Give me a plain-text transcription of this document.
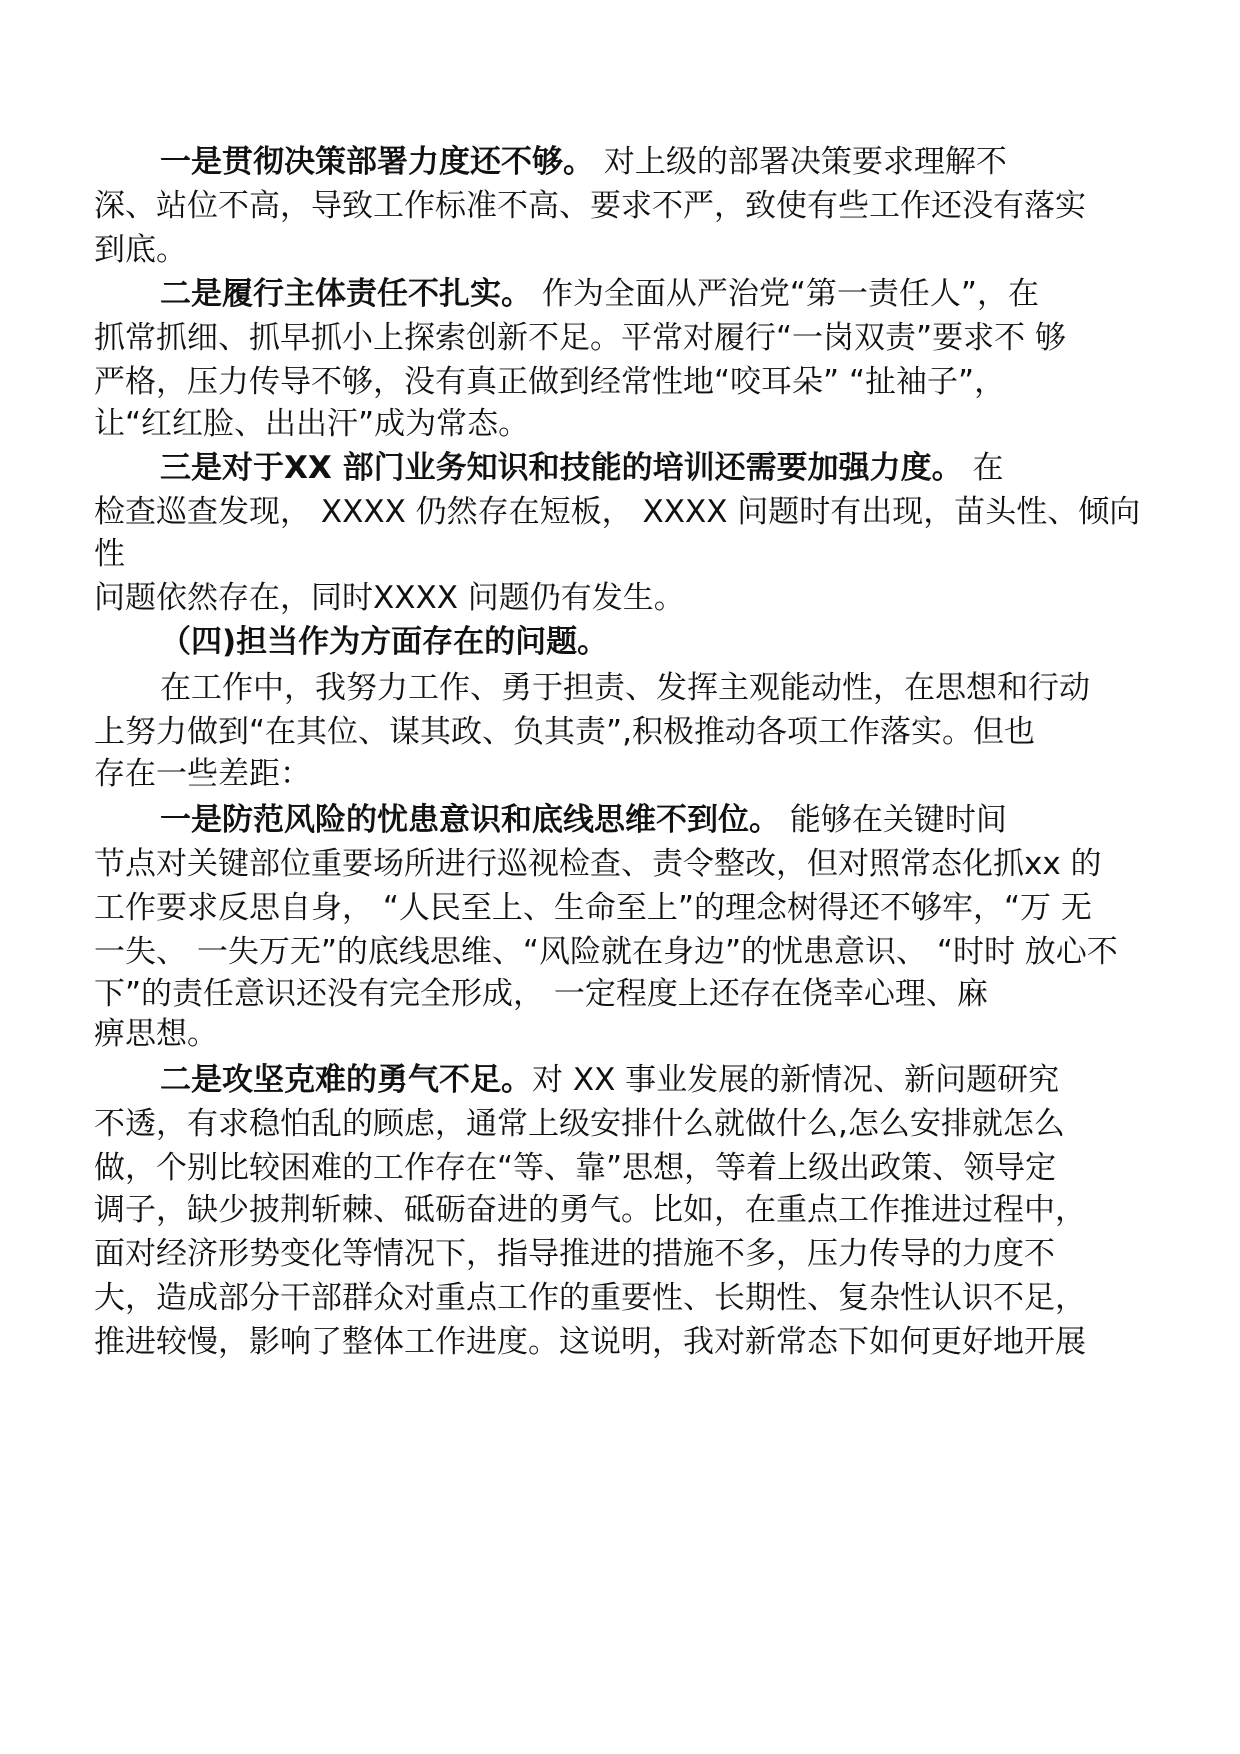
一是贯彻决策部署力度还不够。 对上级的部署决策要求理解不
深、站位不高，导致工作标准不高、要求不严，致使有些工作还没有落实
到底。
二是履行主体责任不扎实。 作为全面从严治党“第一责任人”，在
抓常抓细、抓早抓小上探索创新不足。平常对履行“一岗双责”要求不 够
严格，压力传导不够，没有真正做到经常性地“咬耳朵” “扯袖子”，
让“红红脸、出出汗”成为常态。
三是对于XX 部门业务知识和技能的培训还需要加强力度。 在
检查巡查发现， XXXX 仍然存在短板， XXXX 问题时有出现，苗头性、倾向
性
问题依然存在，同时XXXX 问题仍有发生。
（四)担当作为方面存在的问题。
在工作中，我努力工作、勇于担责、发挥主观能动性，在思想和行动
上努力做到“在其位、谋其政、负其责”,积极推动各项工作落实。但也
存在一些差距：
一是防范风险的忧患意识和底线思维不到位。 能够在关键时间
节点对关键部位重要场所进行巡视检查、责令整改，但对照常态化抓xx 的
工作要求反思自身， “人民至上、生命至上”的理念树得还不够牢，“万 无
一失、 一失万无”的底线思维、“风险就在身边”的忧患意识、 “时时 放心不
下”的责任意识还没有完全形成， 一定程度上还存在侥幸心理、麻
痹思想。
二是攻坚克难的勇气不足。对 XX 事业发展的新情况、新问题研究
不透，有求稳怕乱的顾虑，通常上级安排什么就做什么,怎么安排就怎么
做，个别比较困难的工作存在“等、靠”思想，等着上级出政策、领导定
调子，缺少披荆斩棘、砥砺奋进的勇气。比如，在重点工作推进过程中，
面对经济形势变化等情况下，指导推进的措施不多，压力传导的力度不
大，造成部分干部群众对重点工作的重要性、长期性、复杂性认识不足，
推进较慢，影响了整体工作进度。这说明，我对新常态下如何更好地开展
